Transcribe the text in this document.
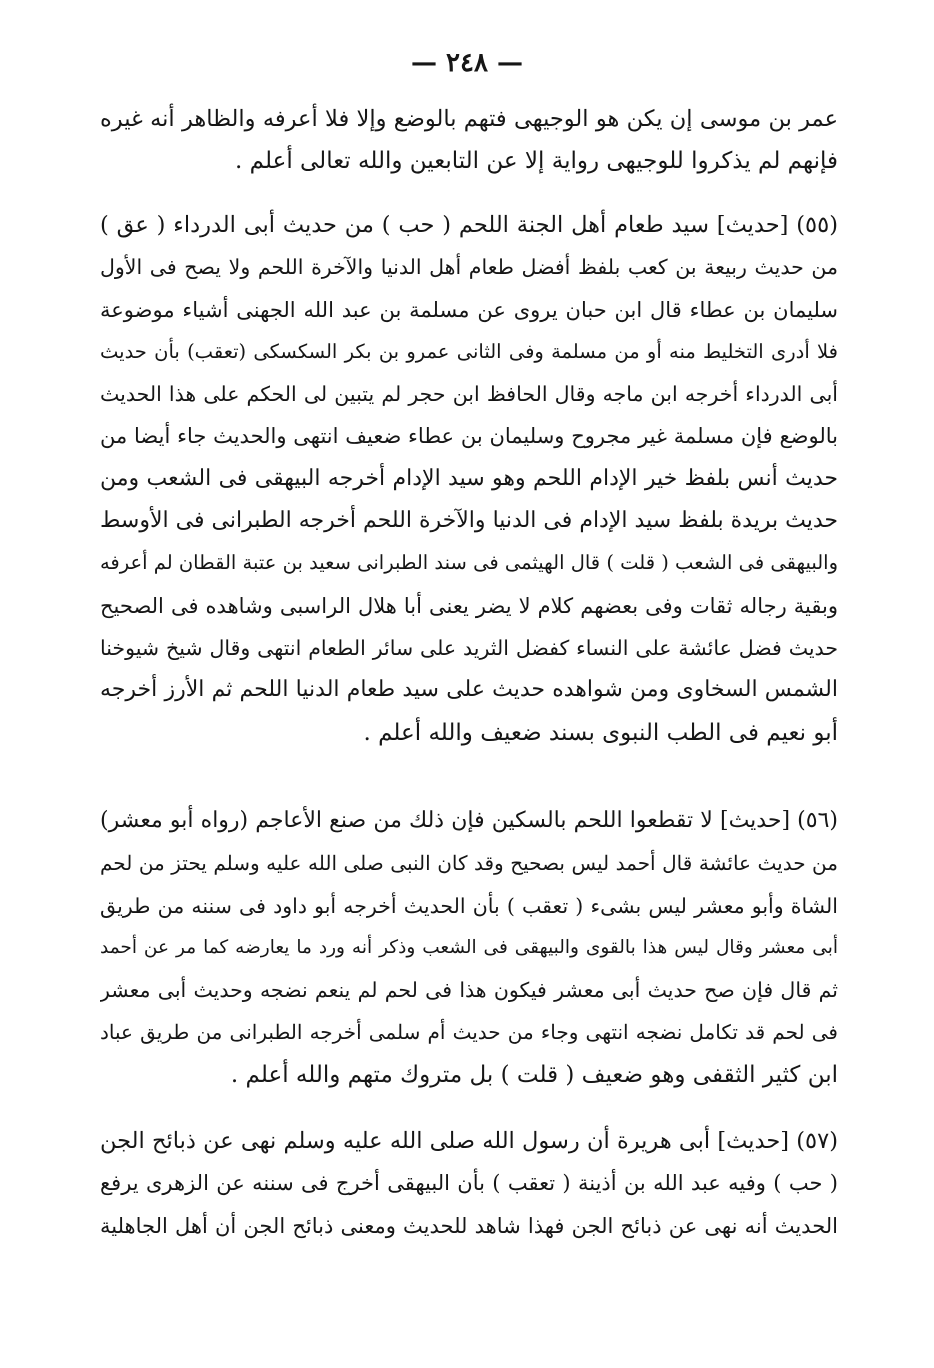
— ٢٤٨ —
عمر بن موسى إن يكن هو الوجيهى فتهم بالوضع وإلا فلا أعرفه والظاهر أنه غيره
فإنهم لم يذكروا للوجيهى رواية إلا عن التابعين والله تعالى أعلم .
(٥٥) [حديث] سيد طعام أهل الجنة اللحم ( حب ) من حديث أبى الدرداء ( عق )
من حديث ربيعة بن كعب بلفظ أفضل طعام أهل الدنيا والآخرة اللحم ولا يصح فى الأول
سليمان بن عطاء قال ابن حبان يروى عن مسلمة بن عبد الله الجهنى أشياء موضوعة
فلا أدرى التخليط منه أو من مسلمة وفى الثانى عمرو بن بكر السكسكى (تعقب) بأن حديث
أبى الدرداء أخرجه ابن ماجه وقال الحافظ ابن حجر لم يتبين لى الحكم على هذا الحديث
بالوضع فإن مسلمة غير مجروح وسليمان بن عطاء ضعيف انتهى والحديث جاء أيضا من
حديث أنس بلفظ خير الإدام اللحم وهو سيد الإدام أخرجه البيهقى فى الشعب ومن
حديث بريدة بلفظ سيد الإدام فى الدنيا والآخرة اللحم أخرجه الطبرانى فى الأوسط
والبيهقى فى الشعب ( قلت ) قال الهيثمى فى سند الطبرانى سعيد بن عتبة القطان لم أعرفه
وبقية رجاله ثقات وفى بعضهم كلام لا يضر يعنى أبا هلال الراسبى وشاهده فى الصحيح
حديث فضل عائشة على النساء كفضل الثريد على سائر الطعام انتهى وقال شيخ شيوخنا
الشمس السخاوى ومن شواهده حديث على سيد طعام الدنيا اللحم ثم الأرز أخرجه
أبو نعيم فى الطب النبوى بسند ضعيف والله أعلم .
(٥٦) [حديث] لا تقطعوا اللحم بالسكين فإن ذلك من صنع الأعاجم (رواه أبو معشر)
من حديث عائشة قال أحمد ليس بصحيح وقد كان النبى صلى الله عليه وسلم يحتز من لحم
الشاة وأبو معشر ليس بشىء ( تعقب ) بأن الحديث أخرجه أبو داود فى سننه من طريق
أبى معشر وقال ليس هذا بالقوى والبيهقى فى الشعب وذكر أنه ورد ما يعارضه كما مر عن أحمد
ثم قال فإن صح حديث أبى معشر فيكون هذا فى لحم لم ينعم نضجه وحديث أبى معشر
فى لحم قد تكامل نضجه انتهى وجاء من حديث أم سلمى أخرجه الطبرانى من طريق عباد
ابن كثير الثقفى وهو ضعيف ( قلت ) بل متروك متهم والله أعلم .
(٥٧) [حديث] أبى هريرة أن رسول الله صلى الله عليه وسلم نهى عن ذبائح الجن
( حب ) وفيه عبد الله بن أذينة ( تعقب ) بأن البيهقى أخرج فى سننه عن الزهرى يرفع
الحديث أنه نهى عن ذبائح الجن فهذا شاهد للحديث ومعنى ذبائح الجن أن أهل الجاهلية
